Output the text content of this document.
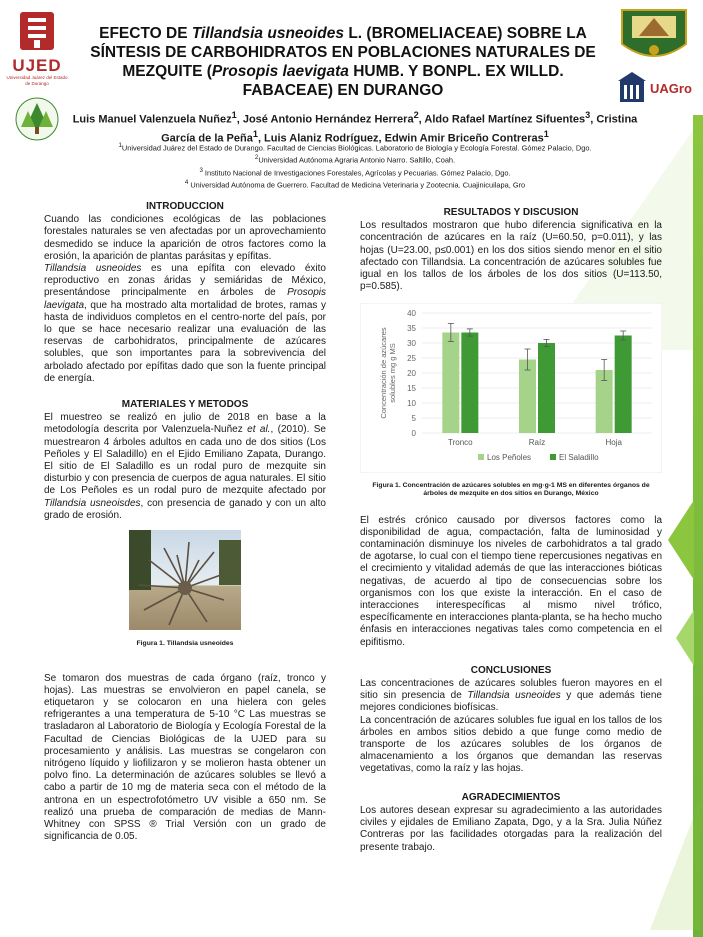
UJED
Universidad Juárez del Estado de Durango	UAGro
EFECTO DE Tillandsia usneoides L. (BROMELIACEAE) SOBRE LA SÍNTESIS DE CARBOHIDRATOS EN POBLACIONES NATURALES DE MEZQUITE (Prosopis laevigata HUMB. Y BONPL. EX WILLD. FABACEAE) EN DURANGO
Luis Manuel Valenzuela Nuñez$^1$, José Antonio Hernández Herrera$^2$, Aldo Rafael Martínez Sifuentes$^3$, Cristina García de la Peña$^1$, Luis Alaniz Rodríguez, Edwin Amir Briceño Contreras$^1$
$^1$Universidad Juárez del Estado de Durango. Facultad de Ciencias Biológicas. Laboratorio de Biología y Ecología Forestal. Gómez Palacio, Dgo.
$^2$Universidad Autónoma Agraria Antonio Narro. Saltillo, Coah.
$^3$ Instituto Nacional de Investigaciones Forestales, Agrícolas y Pecuarias. Gómez Palacio, Dgo.
$^4$ Universidad Autónoma de Guerrero. Facultad de Medicina Veterinaria y Zootecnia. Cuajinicuilapa, Gro
INTRODUCCION

Cuando las condiciones ecológicas de las poblaciones forestales naturales se ven afectadas por un aprovechamiento desmedido se induce la aparición de otros factores como la erosión, la aparición de plantas parásitas y epífitas.

Tillandsia usneoides es una epífita con elevado éxito reproductivo en zonas áridas y semiáridas de México, presentándose principalmente en árboles de Prosopis laevigata, que ha mostrado alta mortalidad de brotes, ramas y hasta de individuos completos en el centro-norte del país, por lo que se hace necesario realizar una evaluación de las reservas de carbohidratos, principalmente de azúcares solubles, que son importantes para la sobrevivencia del arbolado afectado por epífitas dado que son la fuente principal de energía.

MATERIALES Y METODOS

El muestreo se realizó en julio de 2018 en base a la metodología descrita por Valenzuela-Nuñez et al., (2010). Se muestrearon 4 árboles adultos en cada uno de dos sitios (Los Peñoles y El Saladillo) en el Ejido Emiliano Zapata, Durango. El sitio de El Saladillo es un rodal puro de mezquite sin disturbio y con presencia de cuerpos de agua naturales. El sitio de Los Peñoles es un rodal puro de mezquite afectado por Tillandsia usneoisdes, con presencia de ganado y con un alto grado de erosión.

Figura 1. Tillandsia usneoides

Se tomaron dos muestras de cada órgano (raíz, tronco y hojas). Las muestras se envolvieron en papel canela, se etiquetaron y se colocaron en una hielera con geles refrigerantes a una temperatura de 5-10 °C Las muestras se trasladaron al Laboratorio de Biología y Ecología Forestal de la Facultad de Ciencias Biológicas de la UJED para su procesamiento y análisis. Las muestras se congelaron con nitrógeno líquido y liofilizaron y se molieron hasta obtener un polvo fino. La determinación de azúcares solubles se llevó a cabo a partir de 10 mg de materia seca con el método de la antrona en un espectrofotómetro UV visible a 650 nm. Se realizó una prueba de comparación de medias de Mann-Whitney con SPSS ® Trial Versión con un grado de significancia de 0.05.

RESULTADOS Y DISCUSION

Los resultados mostraron que hubo diferencia significativa en la concentración de azúcares en la raíz (U=60.50, p=0.011), y las hojas (U=23.00, p≤0.001) en los dos sitios siendo menor en el sitio afectado con Tillandsia. La concentración de azúcares solubles fue igual en los tallos de los árboles de los dos sitios (U=113.50, p=0.585).

0
5
10
15
20
25
30
35
40
Concentración de azúcaressolubles mg g MS
Tronco	Raíz	Hoja
Los Peñoles	El Saladillo
Figura 1. Concentración de azúcares solubles en mg·g-1 MS en diferentes órganos de árboles de mezquite en dos sitios en Durango, México

El estrés crónico causado por diversos factores como la disponibilidad de agua, compactación, falta de luminosidad y contaminación disminuye los niveles de carbohidratos a tal grado de agotarse, lo cual con el tiempo tiene repercusiones negativas en el crecimiento y vitalidad además de que las interacciones bióticas negativas, de acuerdo al tipo de consecuencias sobre los organismos con los que existe la interacción. En el caso de interacciones interespecíficas al mismo nivel trófico, específicamente en interacciones planta-planta, se ha hecho mucho énfasis en interacciones negativas tales como competencia en el epifitismo.

CONCLUSIONES

Las concentraciones de azúcares solubles fueron mayores en el sitio sin presencia de Tillandsia usneoides y que además tiene mejores condiciones biofísicas.

La concentración de azúcares solubles fue igual en los tallos de los árboles en ambos sitios debido a que funge como medio de transporte de los azúcares solubles de los órganos de almacenamiento a los órganos que demandan las reservas vegetativas, como la raíz y las hojas.

AGRADECIMIENTOS

Los autores desean expresar su agradecimiento a las autoridades civiles y ejidales de Emiliano Zapata, Dgo, y a la Sra. Julia Núñez Contreras por las facilidades otorgadas para la realización del presente trabajo.
